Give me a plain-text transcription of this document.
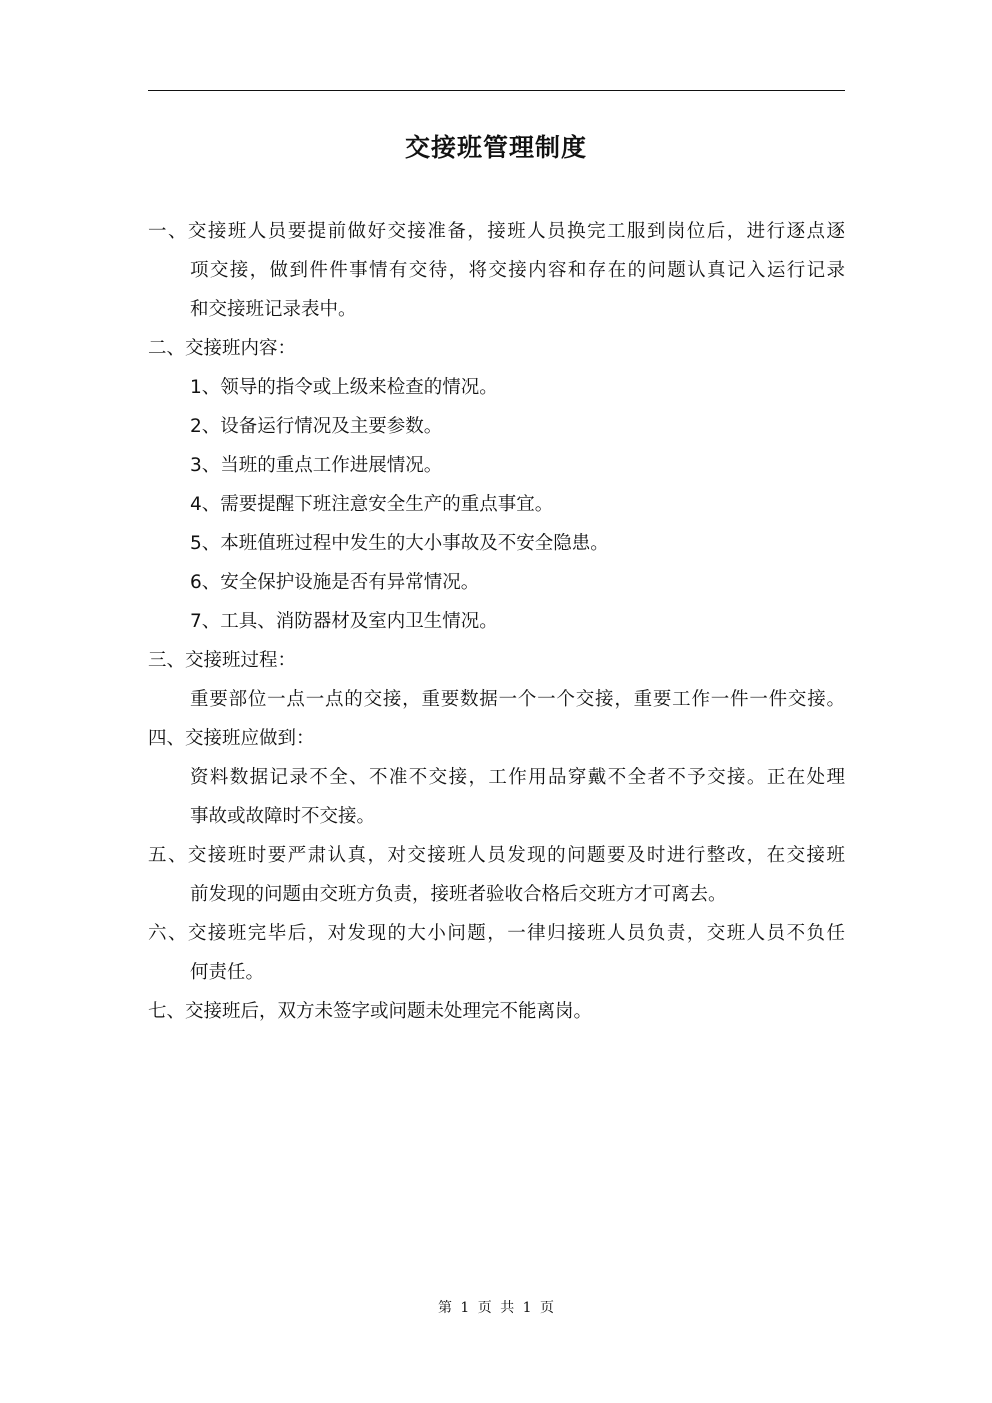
交接班管理制度
一、交接班人员要提前做好交接准备，接班人员换完工服到岗位后，进行逐点逐
项交接，做到件件事情有交待，将交接内容和存在的问题认真记入运行记录
和交接班记录表中。
二、交接班内容：
1、领导的指令或上级来检查的情况。
2、设备运行情况及主要参数。
3、当班的重点工作进展情况。
4、需要提醒下班注意安全生产的重点事宜。
5、本班值班过程中发生的大小事故及不安全隐患。
6、安全保护设施是否有异常情况。
7、工具、消防器材及室内卫生情况。
三、交接班过程：
重要部位一点一点的交接，重要数据一个一个交接，重要工作一件一件交接。
四、交接班应做到：
资料数据记录不全、不准不交接，工作用品穿戴不全者不予交接。正在处理
事故或故障时不交接。
五、交接班时要严肃认真，对交接班人员发现的问题要及时进行整改，在交接班
前发现的问题由交班方负责，接班者验收合格后交班方才可离去。
六、交接班完毕后，对发现的大小问题，一律归接班人员负责，交班人员不负任
何责任。
七、交接班后，双方未签字或问题未处理完不能离岗。
第 1 页 共 1 页
